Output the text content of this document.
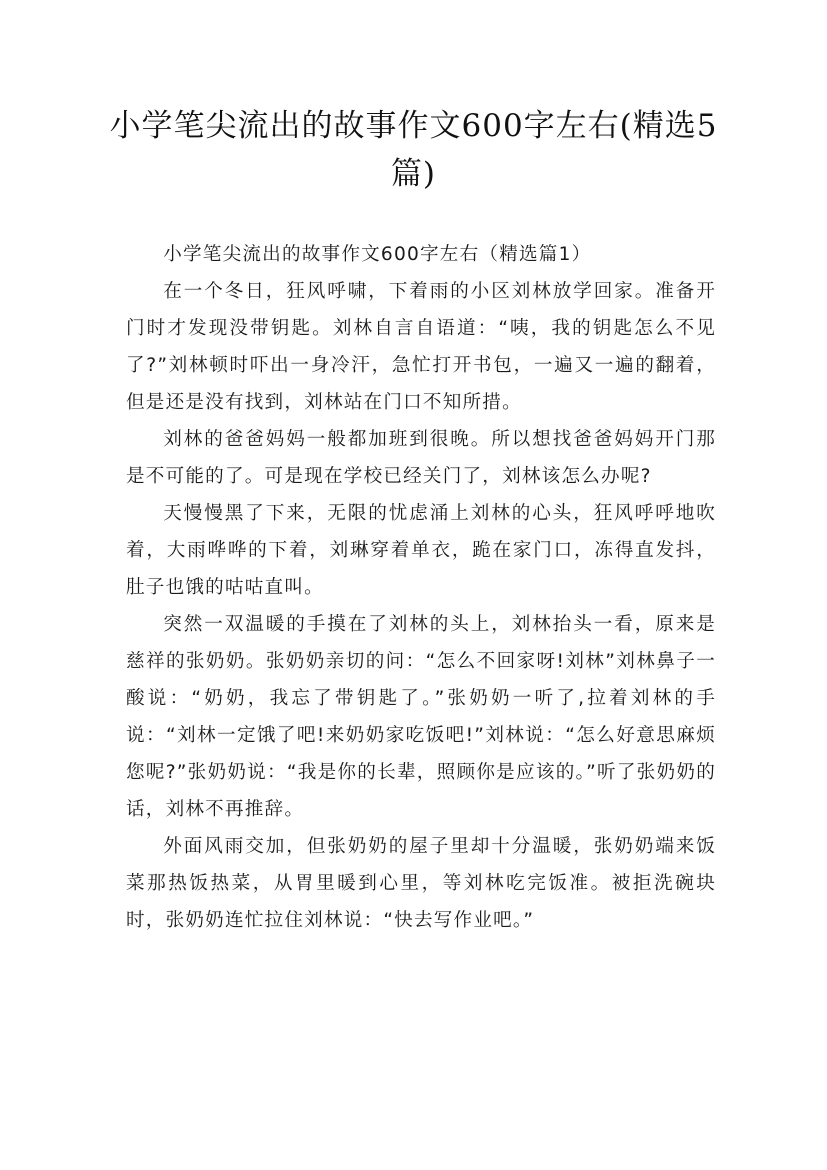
小学笔尖流出的故事作文600字左右(精选5篇)

小学笔尖流出的故事作文600字左右（精选篇1）

在一个冬日，狂风呼啸，下着雨的小区刘林放学回家。准备开门时才发现没带钥匙。刘林自言自语道：“咦，我的钥匙怎么不见了?”刘林顿时吓出一身冷汗，急忙打开书包，一遍又一遍的翻着，但是还是没有找到，刘林站在门口不知所措。

刘林的爸爸妈妈一般都加班到很晚。所以想找爸爸妈妈开门那是不可能的了。可是现在学校已经关门了，刘林该怎么办呢?

天慢慢黑了下来，无限的忧虑涌上刘林的心头，狂风呼呼地吹着，大雨哗哗的下着，刘琳穿着单衣，跪在家门口，冻得直发抖，肚子也饿的咕咕直叫。

突然一双温暖的手摸在了刘林的头上，刘林抬头一看，原来是慈祥的张奶奶。张奶奶亲切的问：“怎么不回家呀!刘林”刘林鼻子一酸说：“奶奶，我忘了带钥匙了。”张奶奶一听了,拉着刘林的手说：“刘林一定饿了吧!来奶奶家吃饭吧!”刘林说：“怎么好意思麻烦您呢?”张奶奶说：“我是你的长辈，照顾你是应该的。”听了张奶奶的话，刘林不再推辞。

外面风雨交加，但张奶奶的屋子里却十分温暖，张奶奶端来饭菜那热饭热菜，从胃里暖到心里，等刘林吃完饭准。被拒洗碗块时，张奶奶连忙拉住刘林说：“快去写作业吧。”
